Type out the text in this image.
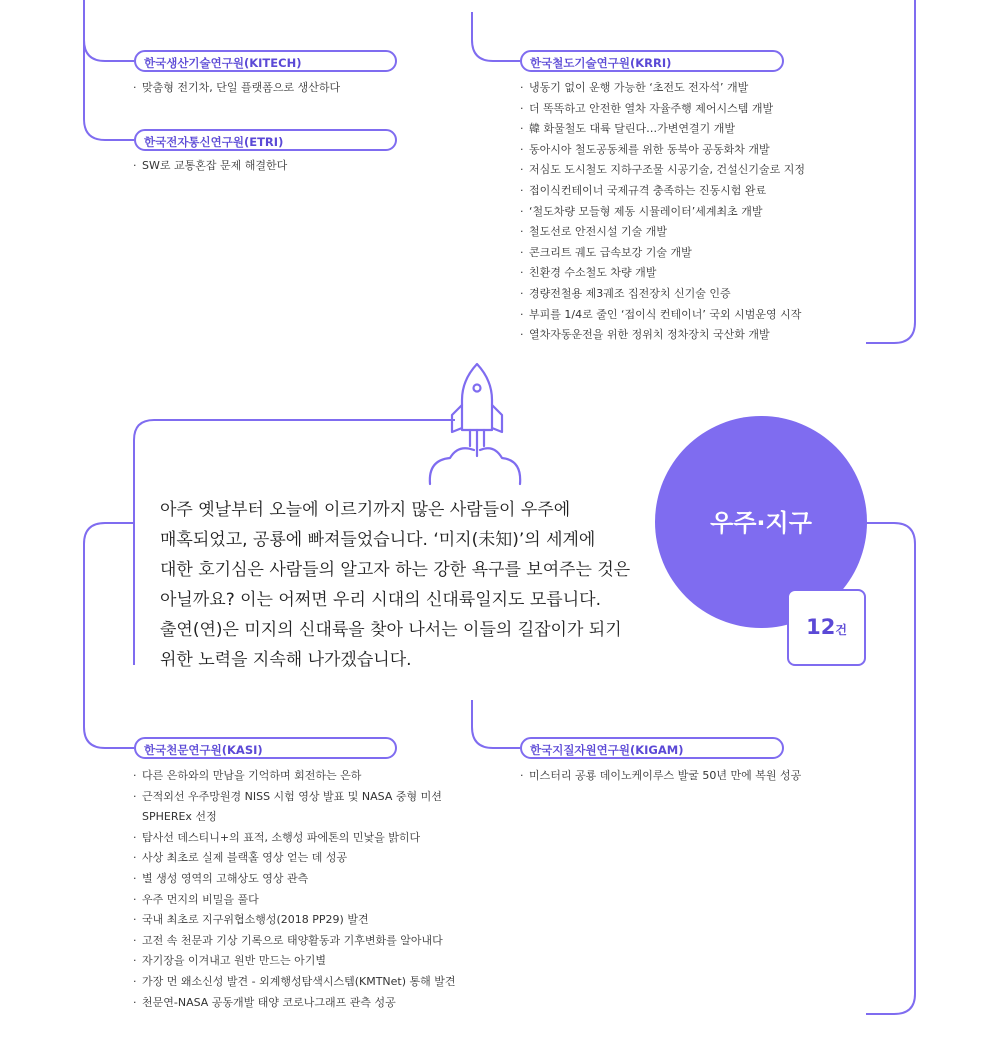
한국생산기술연구원(KITECH)
· 맞춤형 전기차, 단일 플랫폼으로 생산하다
한국전자통신연구원(ETRI)
· SW로 교통혼잡 문제 해결한다
한국철도기술연구원(KRRI)
· 냉동기 없이 운행 가능한 ‘초전도 전자석’ 개발
· 더 똑똑하고 안전한 열차 자율주행 제어시스템 개발
· 韓 화물철도 대륙 달린다…가변연결기 개발
· 동아시아 철도공동체를 위한 동북아 공동화차 개발
· 저심도 도시철도 지하구조물 시공기술, 건설신기술로 지정
· 접이식컨테이너 국제규격 충족하는 진동시험 완료
· ‘철도차량 모들형 제동 시뮬레이터’세계최초 개발
· 철도선로 안전시설 기술 개발
· 콘크리트 궤도 급속보강 기술 개발
· 친환경 수소철도 차량 개발
· 경량전철용 제3궤조 집전장치 신기술 인증
· 부피를 1/4로 줄인 ‘접이식 컨테이너’ 국외 시범운영 시작
· 열차자동운전을 위한 정위치 정차장치 국산화 개발

아주 옛날부터 오늘에 이르기까지 많은 사람들이 우주에
매혹되었고, 공룡에 빠져들었습니다. ‘미지(未知)’의 세계에
대한 호기심은 사람들의 알고자 하는 강한 욕구를 보여주는 것은
아닐까요? 이는 어쩌면 우리 시대의 신대륙일지도 모릅니다.
출연(연)은 미지의 신대륙을 찾아 나서는 이들의 길잡이가 되기
위한 노력을 지속해 나가겠습니다.

우주·지구
12건
한국천문연구원(KASI)
· 다른 은하와의 만남을 기억하며 회전하는 은하
· 근적외선 우주망원경 NISS 시험 영상 발표 및 NASA 중형 미션
SPHEREx 선정
· 탐사선 데스티니+의 표적, 소행성 파에톤의 민낯을 밝히다
· 사상 최초로 실제 블랙홀 영상 얻는 데 성공
· 별 생성 영역의 고해상도 영상 관측
· 우주 먼지의 비밀을 풀다
· 국내 최초로 지구위협소행성(2018 PP29) 발견
· 고전 속 천문과 기상 기록으로 태양활동과 기후변화를 알아내다
· 자기장을 이겨내고 원반 만드는 아기별
· 가장 먼 왜소신성 발견 - 외계행성탐색시스템(KMTNet) 통해 발견
· 천문연-NASA 공동개발 태양 코로나그래프 관측 성공
한국지질자원연구원(KIGAM)
· 미스터리 공룡 데이노케이루스 발굴 50년 만에 복원 성공
